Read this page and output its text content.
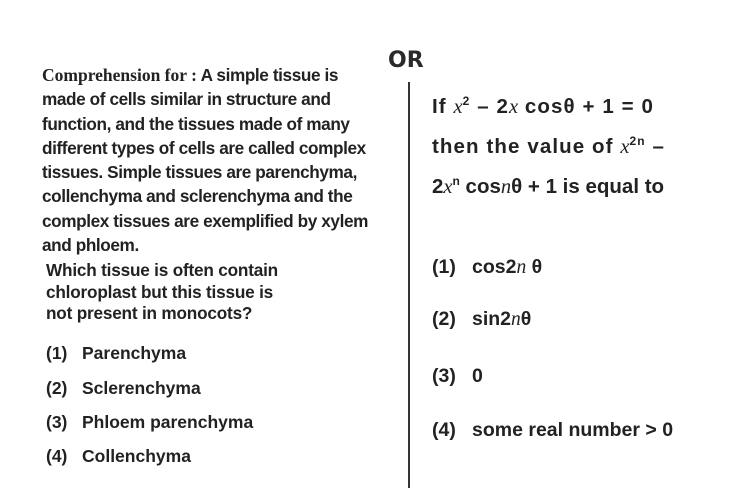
OR
Comprehension for : A simple tissue is
made of cells similar in structure and
function, and the tissues made of many
different types of cells are called complex
tissues. Simple tissues are parenchyma,
collenchyma and sclerenchyma and the
complex tissues are exemplified by xylem
and phloem.
Which tissue is often contain
chloroplast but this tissue is
not present in monocots?
(1) Parenchyma
(2) Sclerenchyma
(3) Phloem parenchyma
(4) Collenchyma
If $x^2 - 2x$ cosθ + 1 = 0
then the value of $x^{2n}$ –
$2x^n$ cosnθ + 1 is equal to
(1) cos2n θ
(2) sin2nθ
(3) 0
(4) some real number > 0
